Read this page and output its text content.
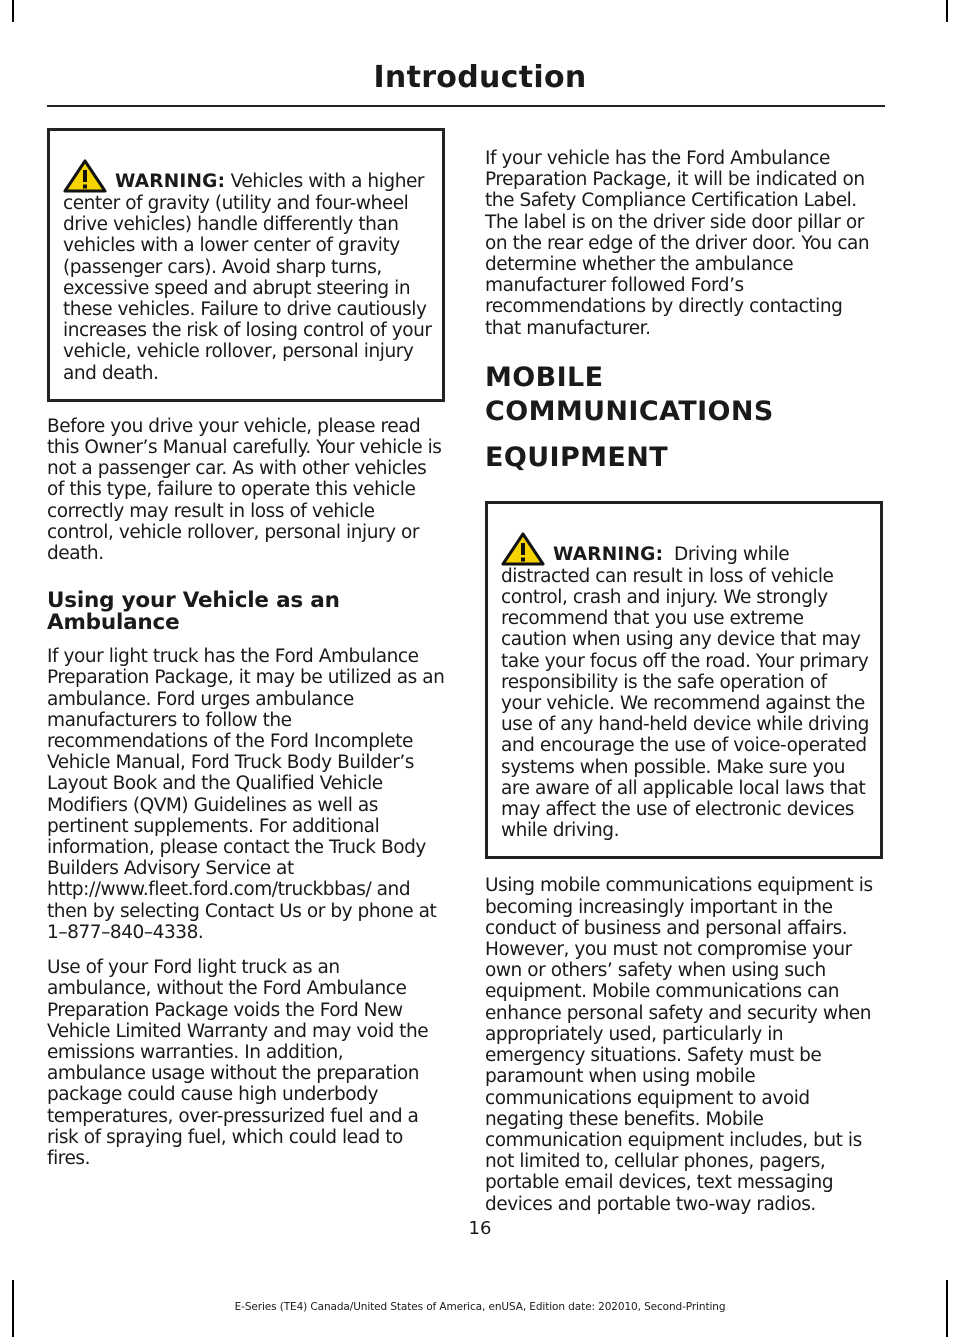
Introduction

WARNING: Vehicles with a higher center of gravity (utility and four-wheel drive vehicles) handle differently than vehicles with a lower center of gravity (passenger cars). Avoid sharp turns, excessive speed and abrupt steering in these vehicles. Failure to drive cautiously increases the risk of losing control of your vehicle, vehicle rollover, personal injury and death.

Before you drive your vehicle, please read this Owner’s Manual carefully. Your vehicle is not a passenger car. As with other vehicles of this type, failure to operate this vehicle correctly may result in loss of vehicle control, vehicle rollover, personal injury or death.

Using your Vehicle as an Ambulance

If your light truck has the Ford Ambulance Preparation Package, it may be utilized as an ambulance. Ford urges ambulance manufacturers to follow the recommendations of the Ford Incomplete Vehicle Manual, Ford Truck Body Builder’s Layout Book and the Qualified Vehicle Modifiers (QVM) Guidelines as well as pertinent supplements. For additional information, please contact the Truck Body Builders Advisory Service at http://www.fleet.ford.com/truckbbas/ and then by selecting Contact Us or by phone at 1–877–840–4338.

Use of your Ford light truck as an ambulance, without the Ford Ambulance Preparation Package voids the Ford New Vehicle Limited Warranty and may void the emissions warranties. In addition, ambulance usage without the preparation package could cause high underbody temperatures, over-pressurized fuel and a risk of spraying fuel, which could lead to fires.

If your vehicle has the Ford Ambulance Preparation Package, it will be indicated on the Safety Compliance Certification Label. The label is on the driver side door pillar or on the rear edge of the driver door. You can determine whether the ambulance manufacturer followed Ford’s recommendations by directly contacting that manufacturer.

MOBILE COMMUNICATIONS
EQUIPMENT

WARNING: Driving while distracted can result in loss of vehicle control, crash and injury. We strongly recommend that you use extreme caution when using any device that may take your focus off the road. Your primary responsibility is the safe operation of your vehicle. We recommend against the use of any hand-held device while driving and encourage the use of voice-operated systems when possible. Make sure you are aware of all applicable local laws that may affect the use of electronic devices while driving.

Using mobile communications equipment is becoming increasingly important in the conduct of business and personal affairs. However, you must not compromise your own or others’ safety when using such equipment. Mobile communications can enhance personal safety and security when appropriately used, particularly in emergency situations. Safety must be paramount when using mobile communications equipment to avoid negating these benefits. Mobile communication equipment includes, but is not limited to, cellular phones, pagers, portable email devices, text messaging devices and portable two-way radios.

16
E-Series (TE4) Canada/United States of America, enUSA, Edition date: 202010, Second-Printing
